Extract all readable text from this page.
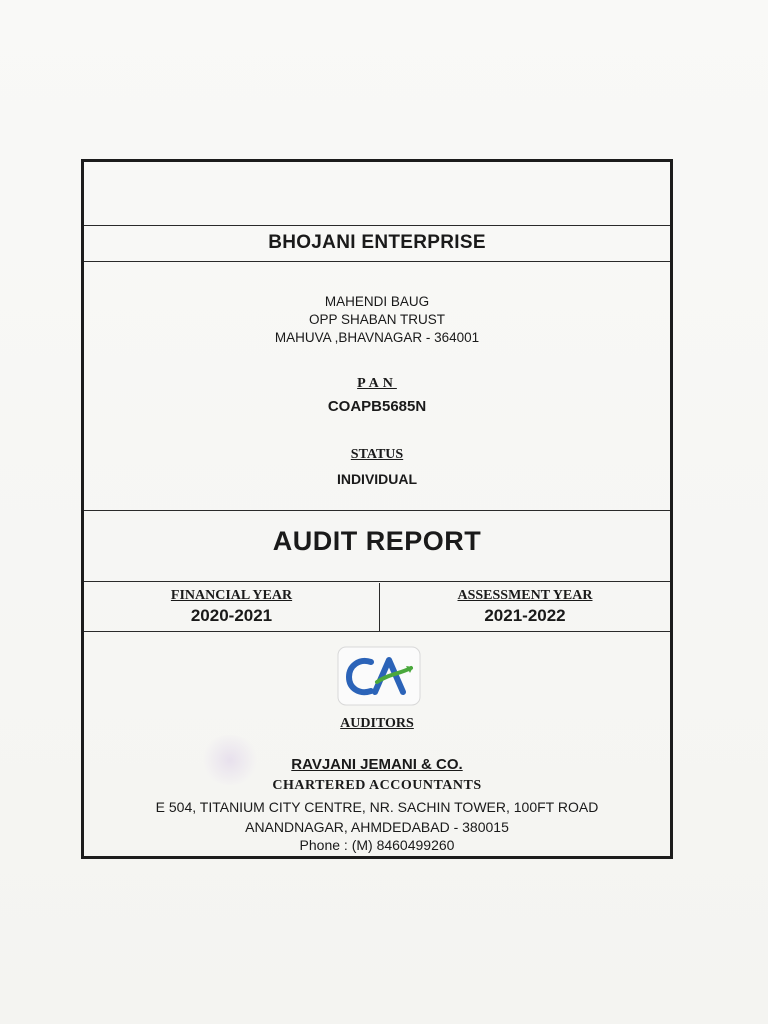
BHOJANI ENTERPRISE
MAHENDI BAUG
OPP SHABAN TRUST
MAHUVA ,BHAVNAGAR - 364001
PAN
COAPB5685N
STATUS
INDIVIDUAL
AUDIT REPORT
FINANCIAL YEAR
2020-2021
ASSESSMENT YEAR
2021-2022
AUDITORS
RAVJANI JEMANI & CO.
CHARTERED ACCOUNTANTS
E 504, TITANIUM CITY CENTRE, NR. SACHIN TOWER, 100FT ROAD
ANANDNAGAR, AHMDEDABAD - 380015
Phone : (M) 8460499260
